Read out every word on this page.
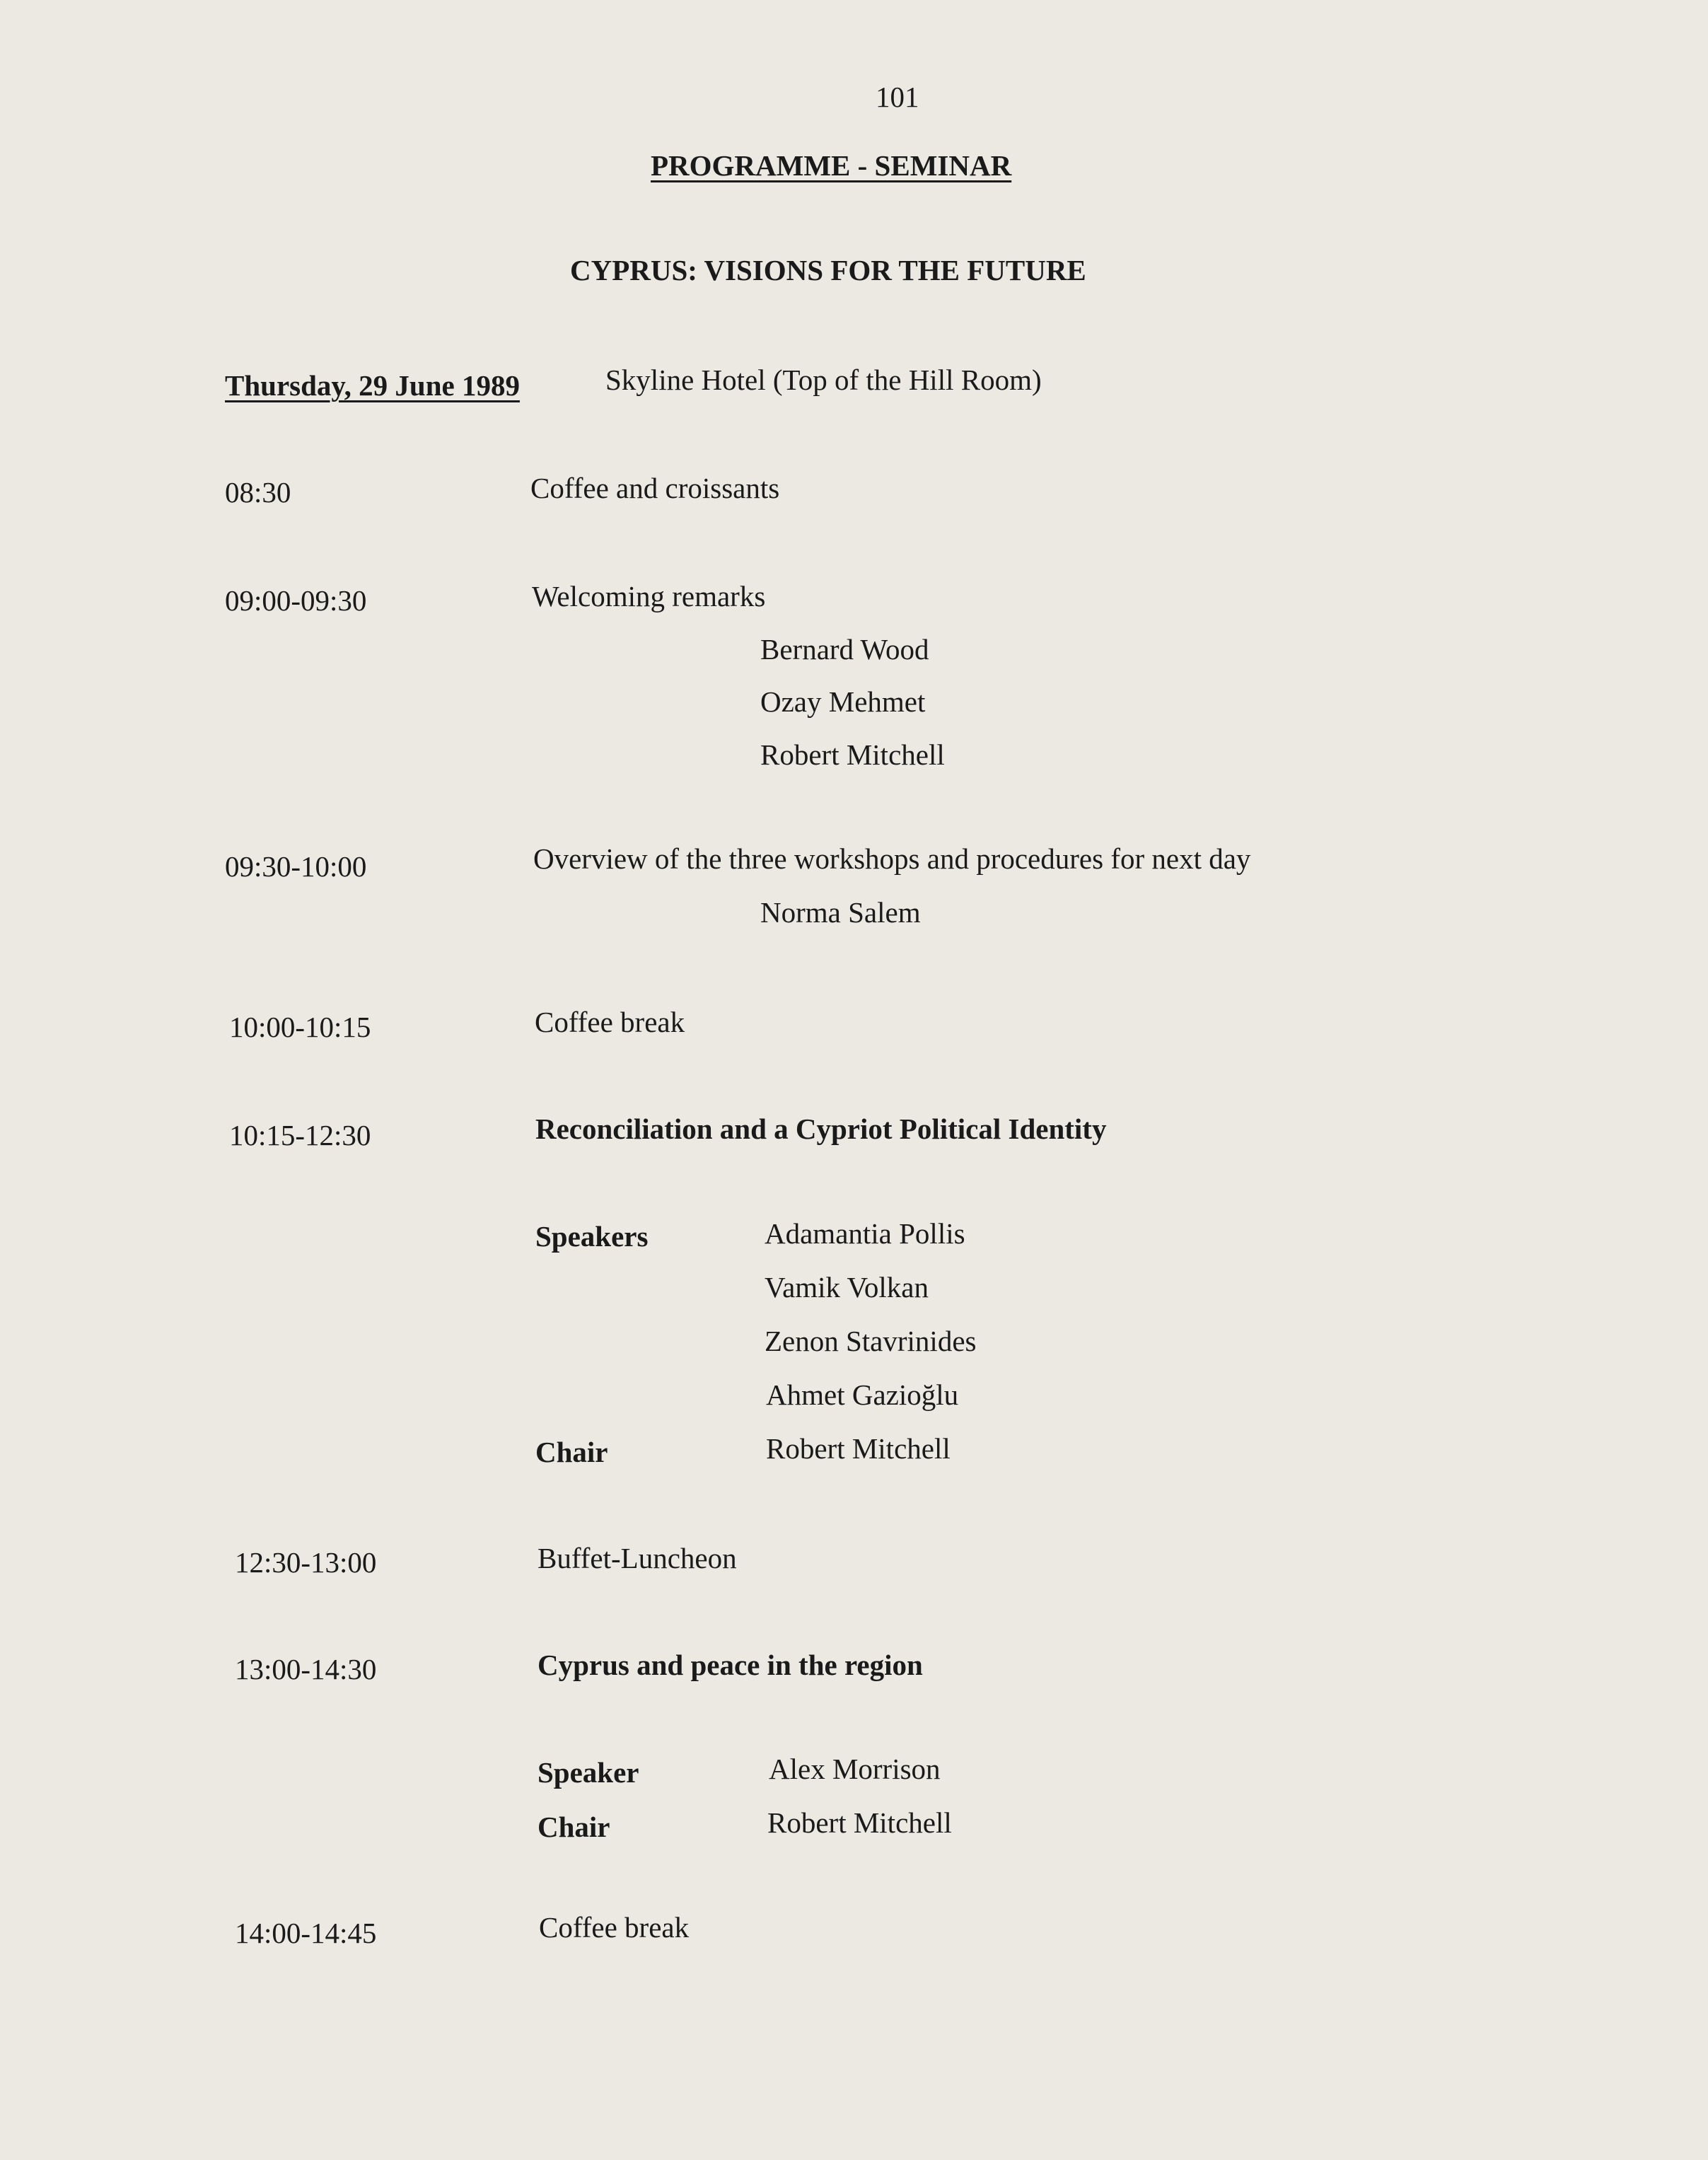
101
PROGRAMME - SEMINAR
CYPRUS: VISIONS FOR THE FUTURE
Thursday, 29 June 1989	Skyline Hotel (Top of the Hill Room)
08:30	Coffee and croissants
09:00-09:30	Welcoming remarks
Bernard Wood
Ozay Mehmet
Robert Mitchell
09:30-10:00	Overview of the three workshops and procedures for next day
Norma Salem
10:00-10:15	Coffee break
10:15-12:30	Reconciliation and a Cypriot Political Identity
Speakers	Adamantia Pollis
Vamik Volkan
Zenon Stavrinides
Ahmet Gazioğlu
Chair	Robert Mitchell
12:30-13:00	Buffet-Luncheon
13:00-14:30	Cyprus and peace in the region
Speaker	Alex Morrison
Chair	Robert Mitchell
14:00-14:45	Coffee break
